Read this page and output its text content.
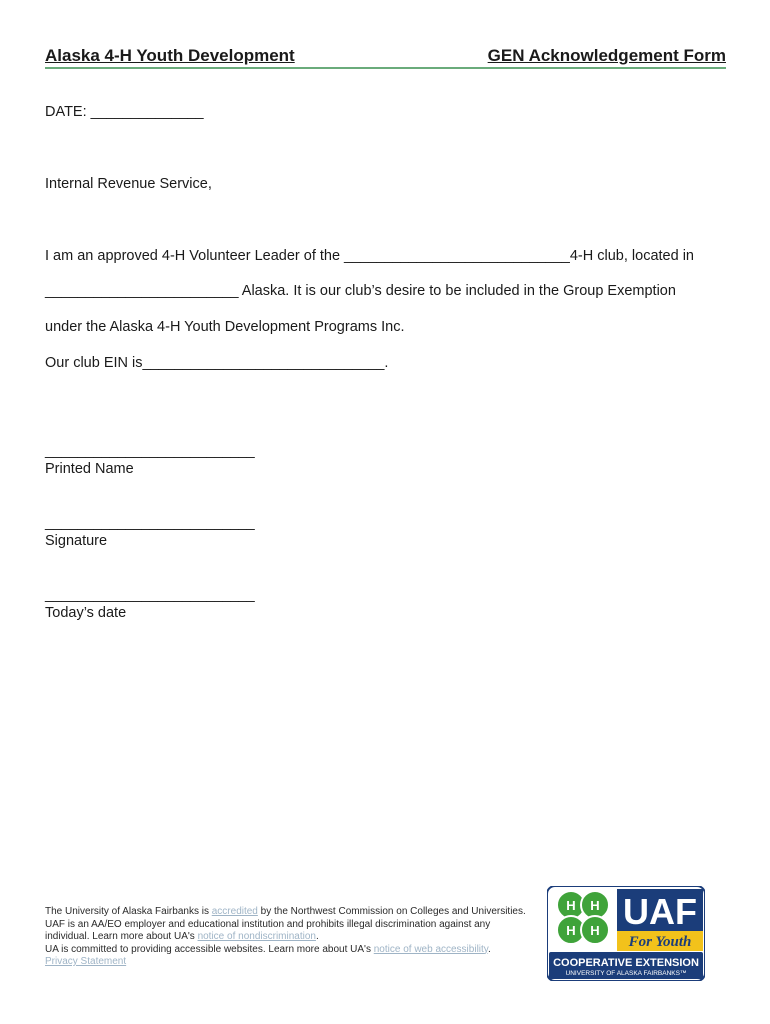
Alaska 4-H Youth Development	GEN Acknowledgement Form
DATE: ______________
Internal Revenue Service,
I am an approved 4-H Volunteer Leader of the ____________________________4-H club, located in
________________________ Alaska. It is our club’s desire to be included in the Group Exemption
under the Alaska 4-H Youth Development Programs Inc.
Our club EIN is______________________________.
__________________________
Printed Name
__________________________
Signature
__________________________
Today’s date
The University of Alaska Fairbanks is accredited by the Northwest Commission on Colleges and Universities.
UAF is an AA/EO employer and educational institution and prohibits illegal discrimination against any
individual. Learn more about UA's notice of nondiscrimination.
UA is committed to providing accessible websites. Learn more about UA's notice of web accessibility.
Privacy Statement
H H
H H UAF
For Youth
COOPERATIVE EXTENSION
UNIVERSITY OF ALASKA FAIRBANKS™
